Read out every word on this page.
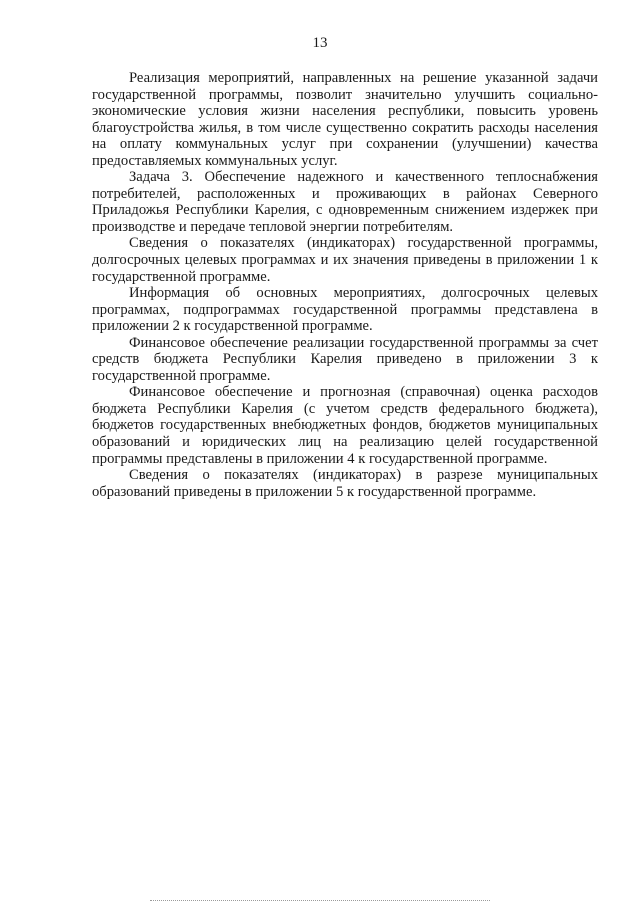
13

Реализация мероприятий, направленных на решение указанной задачи государственной программы, позволит значительно улучшить социально-экономические условия жизни населения республики, повысить уровень благоустройства жилья, в том числе существенно сократить расходы населения на оплату коммунальных услуг при сохранении (улучшении) качества предоставляемых коммунальных услуг.

Задача 3. Обеспечение надежного и качественного теплоснабжения потребителей, расположенных и проживающих в районах Северного Приладожья Республики Карелия, с одновременным снижением издержек при производстве и передаче тепловой энергии потребителям.

Сведения о показателях (индикаторах) государственной программы, долгосрочных целевых программах и их значения приведены в приложении 1 к государственной программе.

Информация об основных мероприятиях, долгосрочных целевых программах, подпрограммах государственной программы представлена в приложении 2 к государственной программе.

Финансовое обеспечение реализации государственной программы за счет средств бюджета Республики Карелия приведено в приложении 3 к государственной программе.

Финансовое обеспечение и прогнозная (справочная) оценка расходов бюджета Республики Карелия (с учетом средств федерального бюджета), бюджетов государственных внебюджетных фондов, бюджетов муниципальных образований и юридических лиц на реализацию целей государственной программы представлены в приложении 4 к государственной программе.

Сведения о показателях (индикаторах) в разрезе муниципальных образований приведены в приложении 5 к государственной программе.
